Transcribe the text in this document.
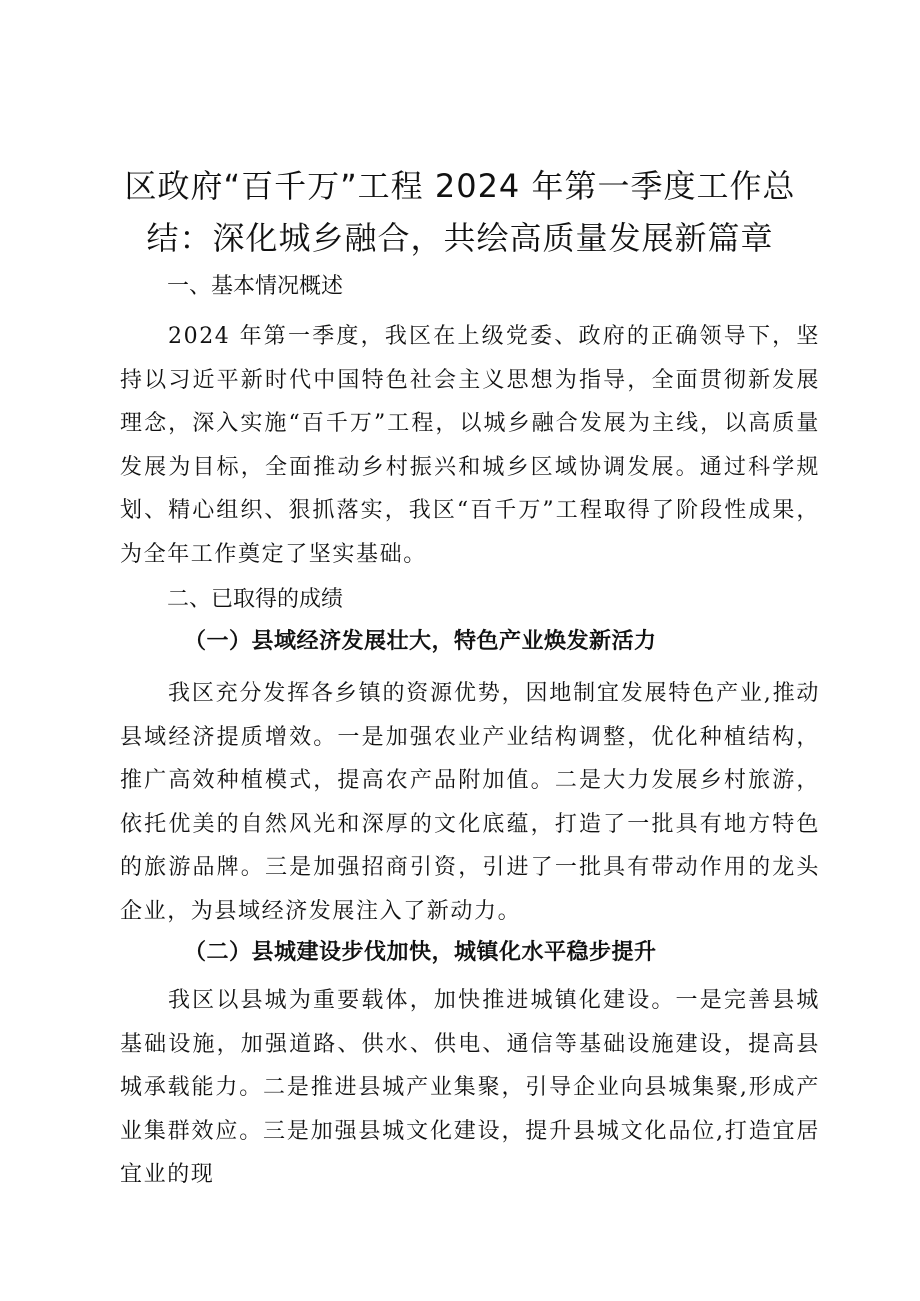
区政府“百千万”工程 2024 年第一季度工作总
结：深化城乡融合，共绘高质量发展新篇章
一、基本情况概述

2024 年第一季度，我区在上级党委、政府的正确领导下，坚持以习近平新时代中国特色社会主义思想为指导，全面贯彻新发展理念，深入实施“百千万”工程，以城乡融合发展为主线，以高质量发展为目标，全面推动乡村振兴和城乡区域协调发展。通过科学规划、精心组织、狠抓落实，我区“百千万”工程取得了阶段性成果，为全年工作奠定了坚实基础。

二、已取得的成绩
（一）县域经济发展壮大，特色产业焕发新活力

我区充分发挥各乡镇的资源优势，因地制宜发展特色产业,推动县域经济提质增效。一是加强农业产业结构调整，优化种植结构，推广高效种植模式，提高农产品附加值。二是大力发展乡村旅游，依托优美的自然风光和深厚的文化底蕴，打造了一批具有地方特色的旅游品牌。三是加强招商引资，引进了一批具有带动作用的龙头企业，为县域经济发展注入了新动力。

（二）县城建设步伐加快，城镇化水平稳步提升

我区以县城为重要载体，加快推进城镇化建设。一是完善县城基础设施，加强道路、供水、供电、通信等基础设施建设，提高县城承载能力。二是推进县城产业集聚，引导企业向县城集聚,形成产业集群效应。三是加强县城文化建设，提升县城文化品位,打造宜居宜业的现
